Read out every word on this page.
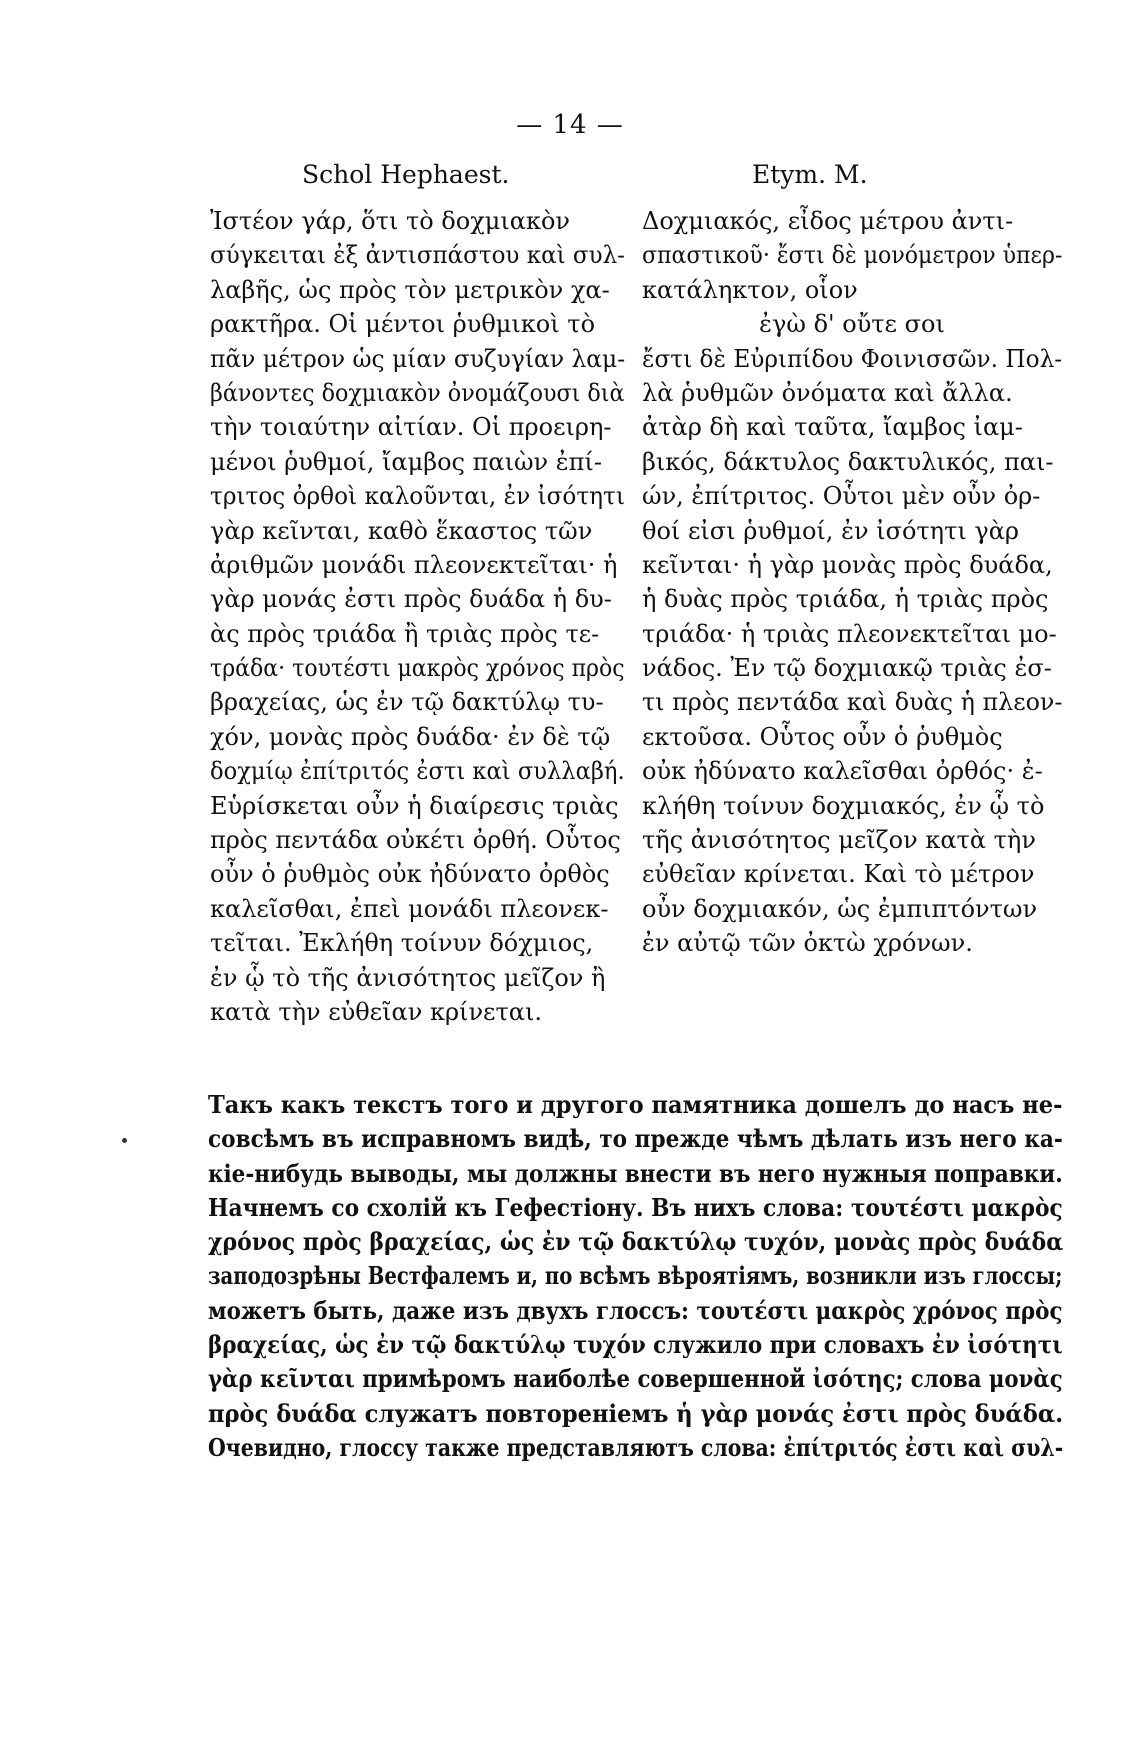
— 14 —
Schol Hephaest.	Etym. M.
Ἰστέον γάρ, ὅτι τὸ δοχμιακὸν
σύγκειται ἐξ ἀντισπάστου καὶ συλ-
λαβῆς, ὡς πρὸς τὸν μετρικὸν χα-
ρακτῆρα. Οἱ μέντοι ῥυθμικοὶ τὸ
πᾶν μέτρον ὡς μίαν συζυγίαν λαμ-
βάνοντες δοχμιακὸν ὀνομάζουσι διὰ
τὴν τοιαύτην αἰτίαν. Οἱ προειρη-
μένοι ῥυθμοί, ἴαμβος παιὼν ἐπί-
τριτος ὀρθοὶ καλοῦνται, ἐν ἰσότητι
γὰρ κεῖνται, καθὸ ἕκαστος τῶν
ἀριθμῶν μονάδι πλεονεκτεῖται· ἡ
γὰρ μονάς ἐστι πρὸς δυάδα ἡ δυ-
ὰς πρὸς τριάδα ἢ τριὰς πρὸς τε-
τράδα· τουτέστι μακρὸς χρόνος πρὸς
βραχείας, ὡς ἐν τῷ δακτύλῳ τυ-
χόν, μονὰς πρὸς δυάδα· ἐν δὲ τῷ
δοχμίῳ ἐπίτριτός ἐστι καὶ συλλαβή.
Εὑρίσκεται οὖν ἡ διαίρεσις τριὰς
πρὸς πεντάδα οὐκέτι ὀρθή. Οὗτος
οὖν ὁ ῥυθμὸς οὐκ ἠδύνατο ὀρθὸς
καλεῖσθαι, ἐπεὶ μονάδι πλεονεκ-
τεῖται. Ἐκλήθη τοίνυν δόχμιος,
ἐν ᾧ τὸ τῆς ἀνισότητος μεῖζον ἢ
κατὰ τὴν εὐθεῖαν κρίνεται.
Δοχμιακός, εἶδος μέτρου ἀντι-
σπαστικοῦ· ἔστι δὲ μονόμετρον ὑπερ-
κατάληκτον, οἷον
ἐγὼ δ' οὔτε σοι
ἔστι δὲ Εὐριπίδου Φοινισσῶν. Πολ-
λὰ ῥυθμῶν ὀνόματα καὶ ἄλλα.
ἀτὰρ δὴ καὶ ταῦτα, ἴαμβος ἰαμ-
βικός, δάκτυλος δακτυλικός, παι-
ών, ἐπίτριτος. Οὗτοι μὲν οὖν ὀρ-
θοί εἰσι ῥυθμοί, ἐν ἰσότητι γὰρ
κεῖνται· ἡ γὰρ μονὰς πρὸς δυάδα,
ἡ δυὰς πρὸς τριάδα, ἡ τριὰς πρὸς
τριάδα· ἡ τριὰς πλεονεκτεῖται μο-
νάδος. Ἐν τῷ δοχμιακῷ τριὰς ἐσ-
τι πρὸς πεντάδα καὶ δυὰς ἡ πλεον-
εκτοῦσα. Οὗτος οὖν ὁ ῥυθμὸς
οὐκ ἠδύνατο καλεῖσθαι ὀρθός· ἐ-
κλήθη τοίνυν δοχμιακός, ἐν ᾧ τὸ
τῆς ἀνισότητος μεῖζον κατὰ τὴν
εὐθεῖαν κρίνεται. Καὶ τὸ μέτρον
οὖν δοχμιακόν, ὡς ἐμπιπτόντων
ἐν αὐτῷ τῶν ὀκτὼ χρόνων.
Такъ какъ текстъ того и другого памятника дошелъ до насъ не-
совсѣмъ въ исправномъ видѣ, то прежде чѣмъ дѣлать изъ него ка-
кіе-нибудь выводы, мы должны внести въ него нужныя поправки.
Начнемъ со схолій къ Гефестіону. Въ нихъ слова: τουτέστι μακρὸς
χρόνος πρὸς βραχείας, ὡς ἐν τῷ δακτύλῳ τυχόν, μονὰς πρὸς δυάδα
заподозрѣны Вестфалемъ и, по всѣмъ вѣроятіямъ, возникли изъ глоссы;
можетъ быть, даже изъ двухъ глоссъ: τουτέστι μακρὸς χρόνος πρὸς
βραχείας, ὡς ἐν τῷ δακτύλῳ τυχόν служило при словахъ ἐν ἰσότητι
γὰρ κεῖνται примѣромъ наиболѣе совершенной ἰσότης; слова μονὰς
πρὸς δυάδα служатъ повтореніемъ ἡ γὰρ μονάς ἐστι πρὸς δυάδα.
Очевидно, глоссу также представляютъ слова: ἐπίτριτός ἐστι καὶ συλ-
